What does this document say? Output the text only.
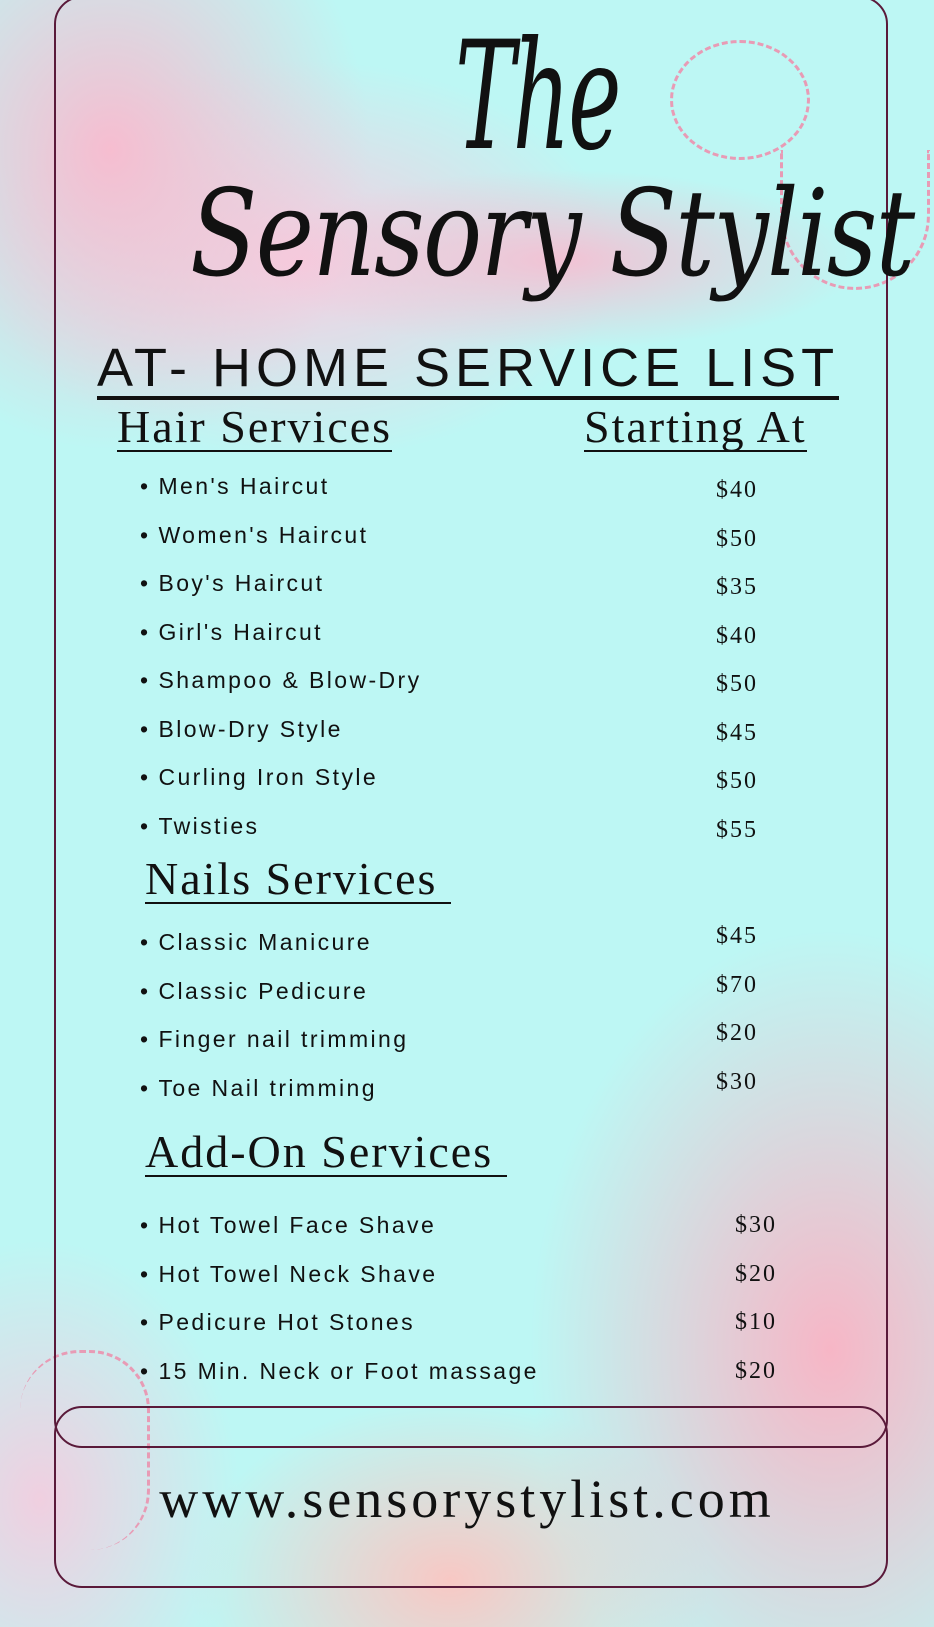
The
Sensory Stylist
AT- HOME SERVICE LIST
Hair Services	Starting At
• Men's Haircut	$40
• Women's Haircut	$50
• Boy's Haircut	$35
• Girl's Haircut	$40
• Shampoo & Blow-Dry	$50
• Blow-Dry Style	$45
• Curling Iron Style	$50
• Twisties	$55
Nails Services
• Classic Manicure	$45
• Classic Pedicure	$70
• Finger nail trimming	$20
• Toe Nail trimming	$30
Add-On Services
• Hot Towel Face Shave	$30
• Hot Towel Neck Shave	$20
• Pedicure Hot Stones	$10
• 15 Min. Neck or Foot massage	$20
www.sensorystylist.com
